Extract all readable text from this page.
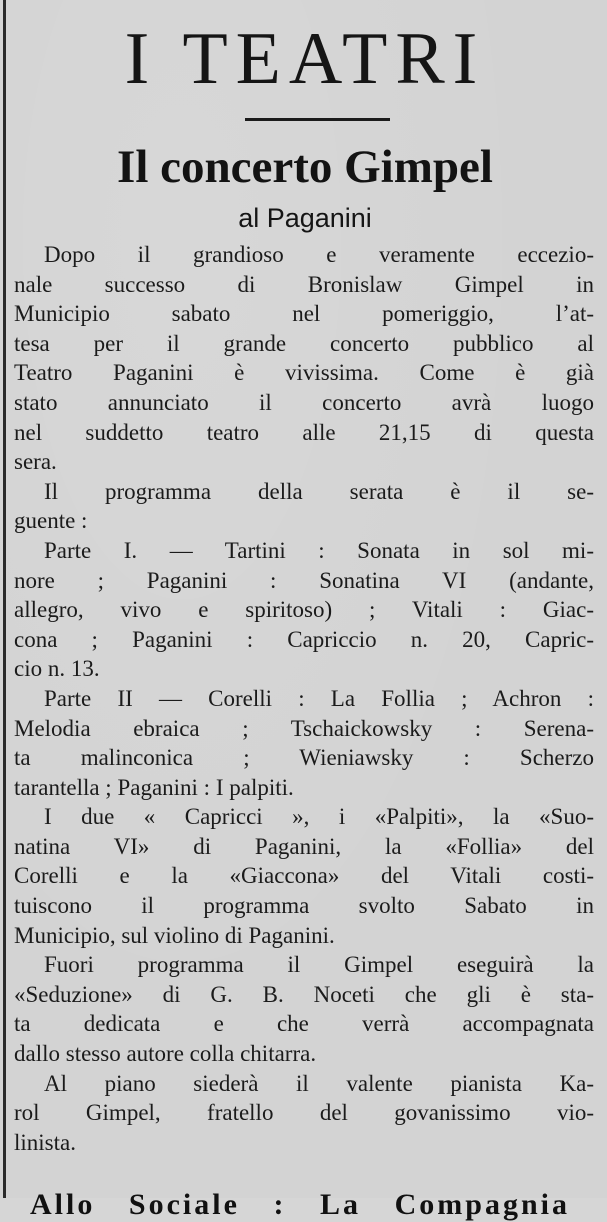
I TEATRI
Il concerto Gimpel
al Paganini
Dopo il grandioso e veramente eccezio-
nale successo di Bronislaw Gimpel in
Municipio sabato nel pomeriggio, l’at-
tesa per il grande concerto pubblico al
Teatro Paganini è vivissima. Come è già
stato annunciato il concerto avrà luogo
nel suddetto teatro alle 21,15 di questa
sera.
Il programma della serata è il se-
guente :
Parte I. — Tartini : Sonata in sol mi-
nore ; Paganini : Sonatina VI (andante,
allegro, vivo e spiritoso) ; Vitali : Giac-
cona ; Paganini : Capriccio n. 20, Capric-
cio n. 13.
Parte II — Corelli : La Follia ; Achron :
Melodia ebraica ; Tschaickowsky : Serena-
ta malinconica ; Wieniawsky : Scherzo
tarantella ; Paganini : I palpiti.
I due « Capricci », i «Palpiti», la «Suo-
natina VI» di Paganini, la «Follia» del
Corelli e la «Giaccona» del Vitali costi-
tuiscono il programma svolto Sabato in
Municipio, sul violino di Paganini.
Fuori programma il Gimpel eseguirà la
«Seduzione» di G. B. Noceti che gli è sta-
ta dedicata e che verrà accompagnata
dallo stesso autore colla chitarra.
Al piano siederà il valente pianista Ka-
rol Gimpel, fratello del govanissimo vio-
linista.
Allo Sociale : La Compagnia
